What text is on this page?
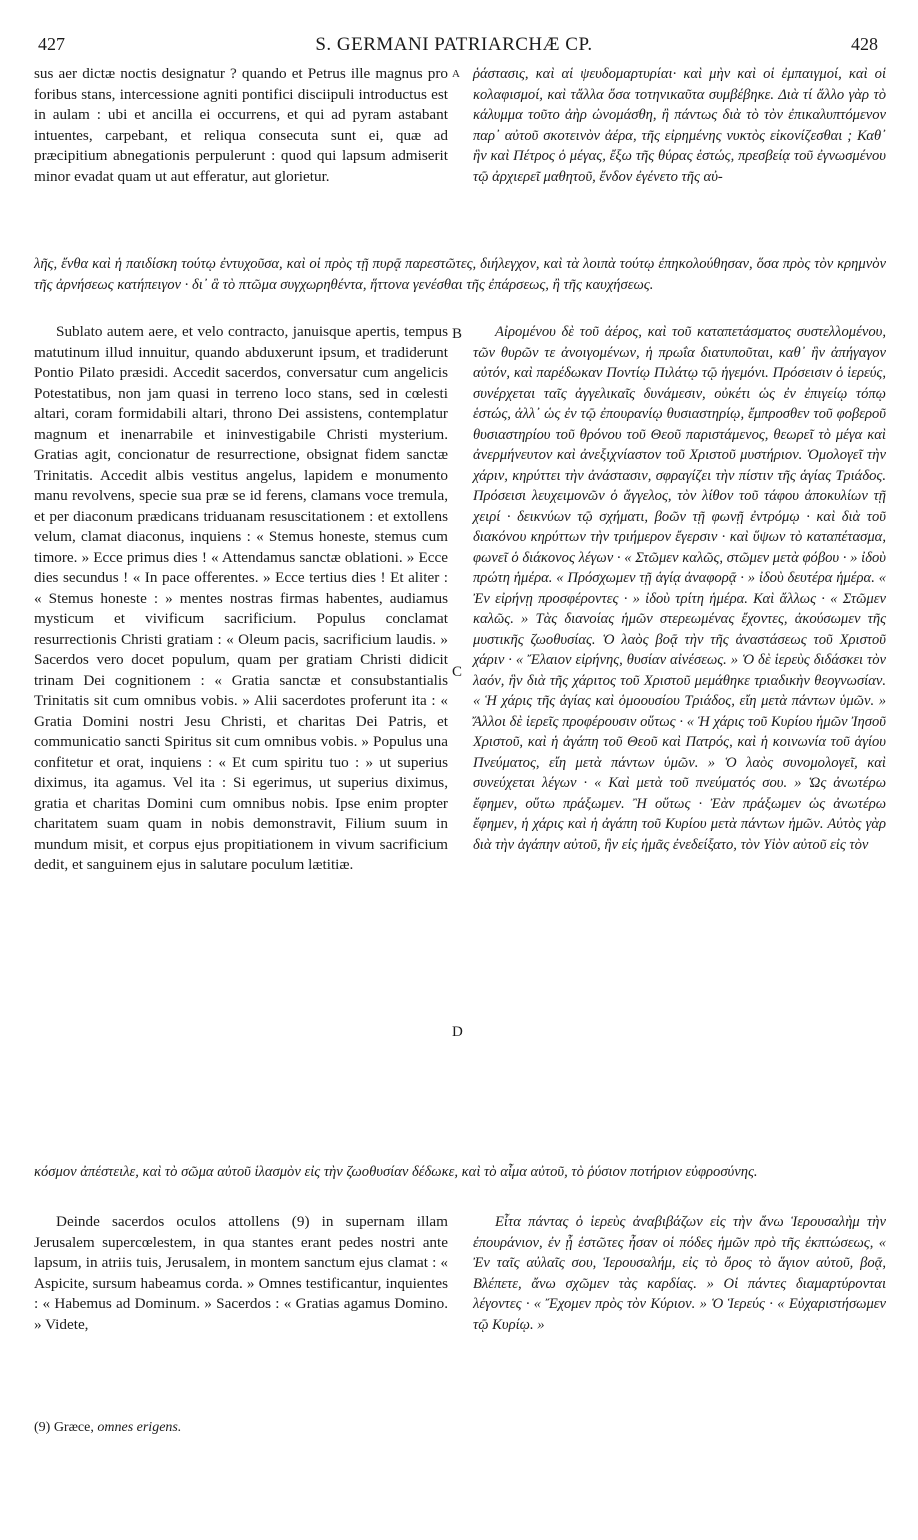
427	S. GERMANI PATRIARCHÆ CP.	428

sus aer dictæ noctis designatur ? quando et Petrus ille magnus pro foribus stans, intercessione agniti pontifici disciipuli introductus est in aulam : ubi et ancilla ei occurrens, et qui ad pyram astabant intuentes, carpebant, et reliqua consecuta sunt ei, quæ ad præcipitium abnegationis perpulerunt : quod qui lapsum admiserit minor evadat quam ut aut efferatur, aut glorietur.

ῥάστασις, καὶ αἱ ψευδομαρτυρίαι· καὶ μὴν καὶ οἱ ἐμπαιγμοί, καὶ οἱ κολαφισμοί, καὶ τἄλλα ὅσα τοτηνικαῦτα συμβέβηκε. Διὰ τί ἄλλο γὰρ τὸ κάλυμμα τοῦτο ἀὴρ ὠνομάσθη, ἢ πάντως διὰ τὸ τὸν ἐπικαλυπτόμενον παρ᾿ αὐτοῦ σκοτεινὸν ἀέρα, τῆς εἰρημένης νυκτὸς εἰκονίζεσθαι ; Καθ᾿ ἣν καὶ Πέτρος ὁ μέγας, ἔξω τῆς θύρας ἑστώς, πρεσβείᾳ τοῦ ἐγνωσμένου τῷ ἀρχιερεῖ μαθητοῦ, ἔνδον ἐγένετο τῆς αὐ-

λῆς, ἔνθα καὶ ἡ παιδίσκη τούτῳ ἐντυχοῦσα, καὶ οἱ πρὸς τῇ πυρᾷ παρεστῶτες, διήλεγχον, καὶ τὰ λοιπὰ τούτῳ ἐπηκολούθησαν, ὅσα πρὸς τὸν κρημνὸν τῆς ἀρνήσεως κατήπειγον · δι᾿ ἃ τὸ πτῶμα συγχωρηθέντα, ἥττονα γενέσθαι τῆς ἐπάρσεως, ἢ τῆς καυχήσεως.

Sublato autem aere, et velo contracto, januisque apertis, tempus matutinum illud innuitur, quando abduxerunt ipsum, et tradiderunt Pontio Pilato præsidi. Accedit sacerdos, conversatur cum angelicis Potestatibus, non jam quasi in terreno loco stans, sed in cœlesti altari, coram formidabili altari, throno Dei assistens, contemplatur magnum et inenarrabile et ininvestigabile Christi mysterium. Gratias agit, concionatur de resurrectione, obsignat fidem sanctæ Trinitatis. Accedit albis vestitus angelus, lapidem e monumento manu revolvens, specie sua præ se id ferens, clamans voce tremula, et per diaconum prædicans triduanam resuscitationem : et extollens velum, clamat diaconus, inquiens : « Stemus honeste, stemus cum timore. » Ecce primus dies ! « Attendamus sanctæ oblationi. » Ecce dies secundus ! « In pace offerentes. » Ecce tertius dies ! Et aliter : « Stemus honeste : » mentes nostras firmas habentes, audiamus mysticum et vivificum sacrificium. Populus conclamat resurrectionis Christi gratiam : « Oleum pacis, sacrificium laudis. » Sacerdos vero docet populum, quam per gratiam Christi didicit trinam Dei cognitionem : « Gratia sanctæ et consubstantialis Trinitatis sit cum omnibus vobis. » Alii sacerdotes proferunt ita : « Gratia Domini nostri Jesu Christi, et charitas Dei Patris, et communicatio sancti Spiritus sit cum omnibus vobis. » Populus una confitetur et orat, inquiens : « Et cum spiritu tuo : » ut superius diximus, ita agamus. Vel ita : Si egerimus, ut superius diximus, gratia et charitas Domini cum omnibus nobis. Ipse enim propter charitatem suam quam in nobis demonstravit, Filium suum in mundum misit, et corpus ejus propitiationem in vivum sacrificium dedit, et sanguinem ejus in salutare poculum lætitiæ.

Αἰρομένου δὲ τοῦ ἀέρος, καὶ τοῦ καταπετάσματος συστελλομένου, τῶν θυρῶν τε ἀνοιγομένων, ἡ πρωΐα διατυποῦται, καθ᾿ ἣν ἀπήγαγον αὐτόν, καὶ παρέδωκαν Ποντίῳ Πιλάτῳ τῷ ἡγεμόνι. Πρόσεισιν ὁ ἱερεύς, συνέρχεται ταῖς ἀγγελικαῖς δυνάμεσιν, οὐκέτι ὡς ἐν ἐπιγείῳ τόπῳ ἑστώς, ἀλλ᾿ ὡς ἐν τῷ ἐπουρανίῳ θυσιαστηρίῳ, ἔμπροσθεν τοῦ φοβεροῦ θυσιαστηρίου τοῦ θρόνου τοῦ Θεοῦ παριστάμενος, θεωρεῖ τὸ μέγα καὶ ἀνερμήνευτον καὶ ἀνεξιχνίαστον τοῦ Χριστοῦ μυστήριον. Ὁμολογεῖ τὴν χάριν, κηρύττει τὴν ἀνάστασιν, σφραγίζει τὴν πίστιν τῆς ἁγίας Τριάδος. Πρόσεισι λευχειμονῶν ὁ ἄγγελος, τὸν λίθον τοῦ τάφου ἀποκυλίων τῇ χειρί · δεικνύων τῷ σχήματι, βοῶν τῇ φωνῇ ἐντρόμῳ · καὶ διὰ τοῦ διακόνου κηρύττων τὴν τριήμερον ἔγερσιν · καὶ ὕψων τὸ καταπέτασμα, φωνεῖ ὁ διάκονος λέγων · « Στῶμεν καλῶς, στῶμεν μετὰ φόβου · » ἰδοὺ πρώτη ἡμέρα. « Πρόσχωμεν τῇ ἁγίᾳ ἀναφορᾷ · » ἰδοὺ δευτέρα ἡμέρα. « Ἐν εἰρήνῃ προσφέροντες · » ἰδοὺ τρίτη ἡμέρα. Καὶ ἄλλως · « Στῶμεν καλῶς. » Τὰς διανοίας ἡμῶν στερεωμένας ἔχοντες, ἀκούσωμεν τῆς μυστικῆς ζωοθυσίας. Ὁ λαὸς βοᾷ τὴν τῆς ἀναστάσεως τοῦ Χριστοῦ χάριν · « Ἔλαιον εἰρήνης, θυσίαν αἰνέσεως. » Ὁ δὲ ἱερεὺς διδάσκει τὸν λαόν, ἣν διὰ τῆς χάριτος τοῦ Χριστοῦ μεμάθηκε τριαδικὴν θεογνωσίαν. « Ἡ χάρις τῆς ἁγίας καὶ ὁμοουσίου Τριάδος, εἴη μετὰ πάντων ὑμῶν. » Ἄλλοι δὲ ἱερεῖς προφέρουσιν οὕτως · « Ἡ χάρις τοῦ Κυρίου ἡμῶν Ἰησοῦ Χριστοῦ, καὶ ἡ ἀγάπη τοῦ Θεοῦ καὶ Πατρός, καὶ ἡ κοινωνία τοῦ ἁγίου Πνεύματος, εἴη μετὰ πάντων ὑμῶν. » Ὁ λαὸς συνομολογεῖ, καὶ συνεύχεται λέγων · « Καὶ μετὰ τοῦ πνεύματός σου. » Ὡς ἀνωτέρω ἔφημεν, οὕτω πράξωμεν. Ἢ οὕτως · Ἐὰν πράξωμεν ὡς ἀνωτέρω ἔφημεν, ἡ χάρις καὶ ἡ ἀγάπη τοῦ Κυρίου μετὰ πάντων ἡμῶν. Αὐτὸς γὰρ διὰ τὴν ἀγάπην αὐτοῦ, ἣν εἰς ἡμᾶς ἐνεδείξατο, τὸν Υἱὸν αὐτοῦ εἰς τὸν

κόσμον ἀπέστειλε, καὶ τὸ σῶμα αὐτοῦ ἱλασμὸν εἰς τὴν ζωοθυσίαν δέδωκε, καὶ τὸ αἷμα αὐτοῦ, τὸ ῥύσιον ποτήριον εὐφροσύνης.

Deinde sacerdos oculos attollens (9) in supernam illam Jerusalem supercœlestem, in qua stantes erant pedes nostri ante lapsum, in atriis tuis, Jerusalem, in montem sanctum ejus clamat : « Aspicite, sursum habeamus corda. » Omnes testificantur, inquientes : « Habemus ad Dominum. » Sacerdos : « Gratias agamus Domino. » Videte,

Εἶτα πάντας ὁ ἱερεὺς ἀναβιβάζων εἰς τὴν ἄνω Ἱερουσαλὴμ τὴν ἐπουράνιον, ἐν ᾗ ἑστῶτες ἦσαν οἱ πόδες ἡμῶν πρὸ τῆς ἐκπτώσεως, « Ἐν ταῖς αὐλαῖς σου, Ἱερουσαλήμ, εἰς τὸ ὄρος τὸ ἅγιον αὐτοῦ, βοᾷ, Βλέπετε, ἄνω σχῶμεν τὰς καρδίας. » Οἱ πάντες διαμαρτύρονται λέγοντες · « Ἔχομεν πρὸς τὸν Κύριον. » Ὁ Ἱερεύς · « Εὐχαριστήσωμεν τῷ Κυρίῳ. »

A
B
C
D
(9) Græce, omnes erigens.
